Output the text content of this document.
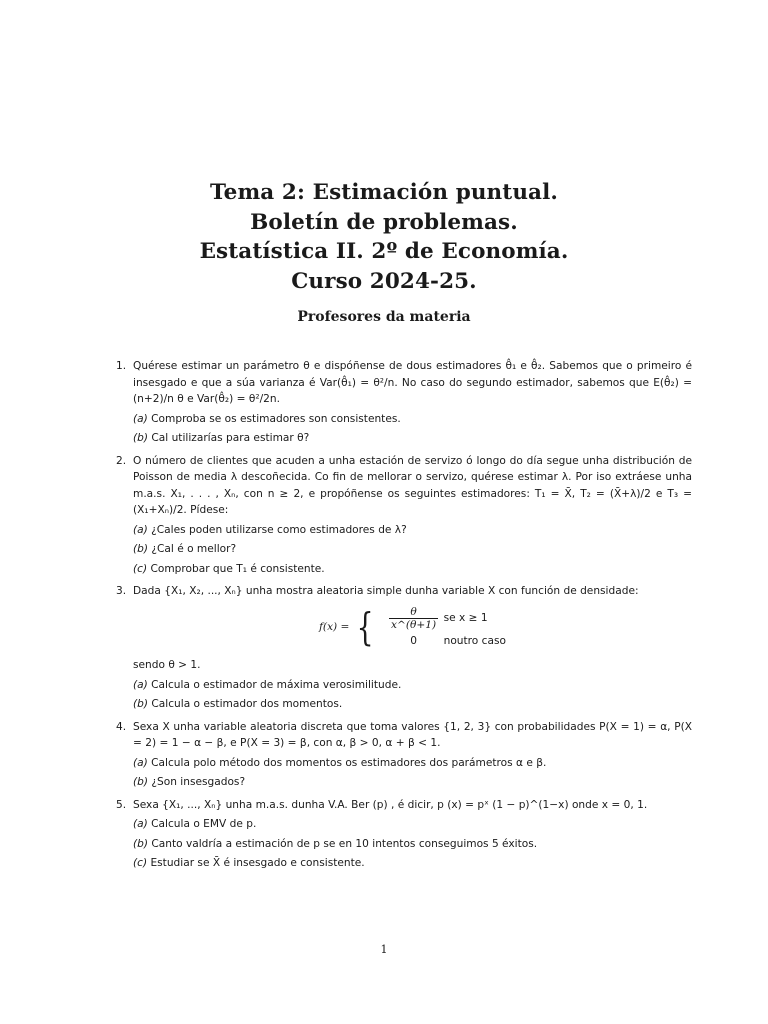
Tema 2: Estimación puntual.
Boletín de problemas.
Estatística II. 2º de Economía.
Curso 2024-25.
Profesores da materia
1. Quérese estimar un parámetro θ e dispóñense de dous estimadores θ̂₁ e θ̂₂. Sabemos que o primeiro é insesgado e que a súa varianza é Var(θ̂₁) = θ²/n. No caso do segundo estimador, sabemos que E(θ̂₂) = (n+2)/n θ e Var(θ̂₂) = θ²/2n.
(a) Comproba se os estimadores son consistentes.
(b) Cal utilizarías para estimar θ?
2. O número de clientes que acuden a unha estación de servizo ó longo do día segue unha distribución de Poisson de media λ descoñecida. Co fin de mellorar o servizo, quérese estimar λ. Por iso extráese unha m.a.s. X₁, . . . , Xₙ, con n ≥ 2, e propóñense os seguintes estimadores: T₁ = X̄, T₂ = (X̄+λ)/2 e T₃ = (X₁+Xₙ)/2. Pídese:
(a) ¿Cales poden utilizarse como estimadores de λ?
(b) ¿Cal é o mellor?
(c) Comprobar que T₁ é consistente.
3. Dada {X₁, X₂, ..., Xₙ} unha mostra aleatoria simple dunha variable X con función de densidade:
f(x) = { $\frac{\theta}{x\^{}(\theta+1)}$ se x ≥ 1
0	noutro caso
sendo θ > 1.
(a) Calcula o estimador de máxima verosimilitude.
(b) Calcula o estimador dos momentos.
4. Sexa X unha variable aleatoria discreta que toma valores {1, 2, 3} con probabilidades P(X = 1) = α, P(X = 2) = 1 − α − β, e P(X = 3) = β, con α, β > 0, α + β < 1.
(a) Calcula polo método dos momentos os estimadores dos parámetros α e β.
(b) ¿Son insesgados?
5. Sexa {X₁, ..., Xₙ} unha m.a.s. dunha V.A. Ber (p) , é dicir, p (x) = pˣ (1 − p)^(1−x) onde x = 0, 1.
(a) Calcula o EMV de p.
(b) Canto valdría a estimación de p se en 10 intentos conseguimos 5 éxitos.
(c) Estudiar se X̄ é insesgado e consistente.
1
